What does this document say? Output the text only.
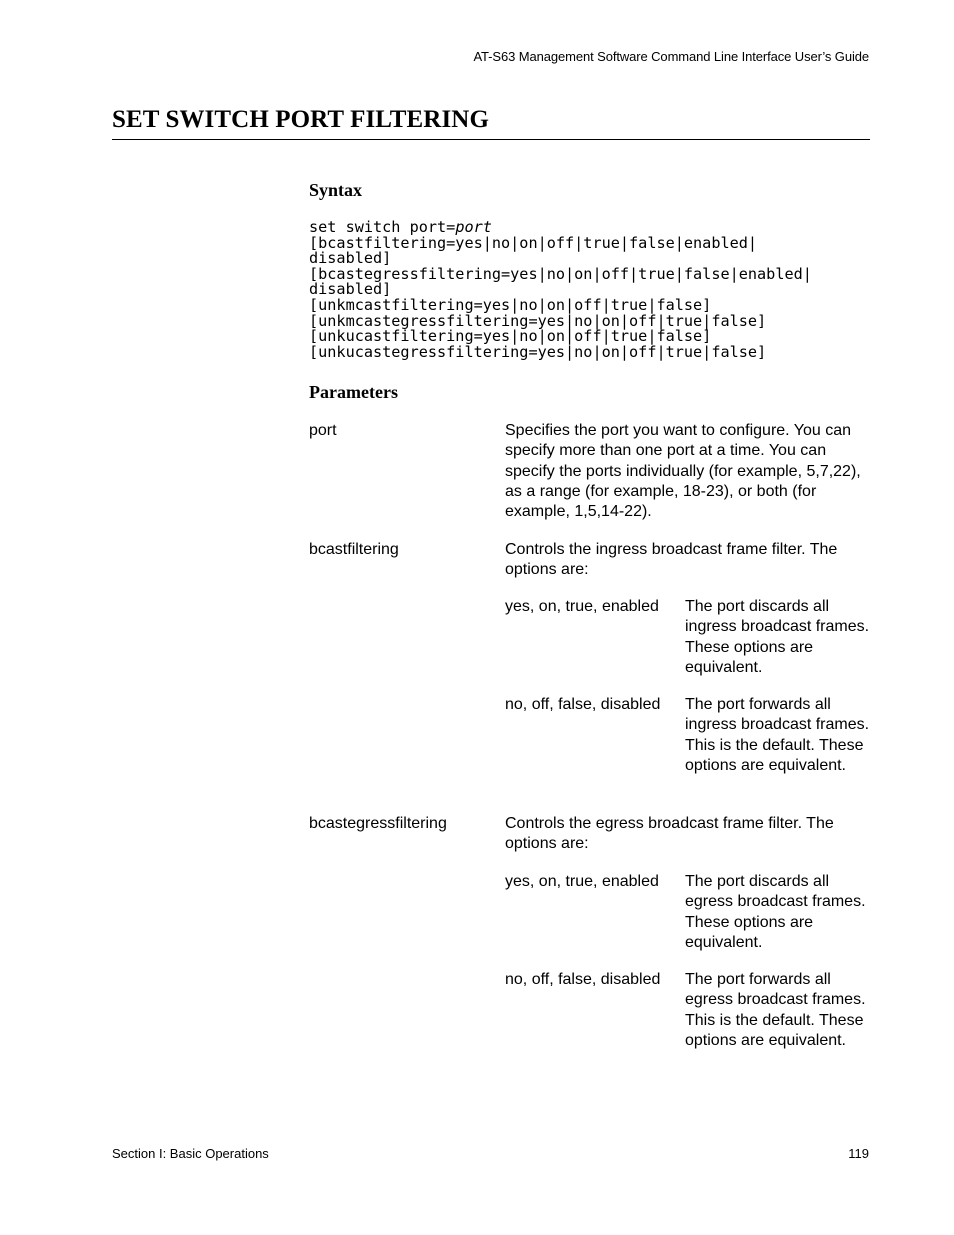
AT-S63 Management Software Command Line Interface User’s Guide
SET SWITCH PORT FILTERING
Syntax
set switch port=port
[bcastfiltering=yes|no|on|off|true|false|enabled|
disabled]
[bcastegressfiltering=yes|no|on|off|true|false|enabled|
disabled]
[unkmcastfiltering=yes|no|on|off|true|false]
[unkmcastegressfiltering=yes|no|on|off|true|false]
[unkucastfiltering=yes|no|on|off|true|false]
[unkucastegressfiltering=yes|no|on|off|true|false]
Parameters
port	Specifies the port you want to configure. You can specify more than one port at a time. You can specify the ports individually (for example, 5,7,22), as a range (for example, 18-23), or both (for example, 1,5,14-22).
bcastfiltering	Controls the ingress broadcast frame filter. The options are:
yes, on, true, enabled The port discards all ingress broadcast frames. These options are equivalent.
no, off, false, disabled The port forwards all ingress broadcast frames. This is the default. These options are equivalent.
bcastegressfiltering	Controls the egress broadcast frame filter. The options are:
yes, on, true, enabled The port discards all egress broadcast frames. These options are equivalent.
no, off, false, disabled The port forwards all egress broadcast frames. This is the default. These options are equivalent.
Section I: Basic Operations	119
